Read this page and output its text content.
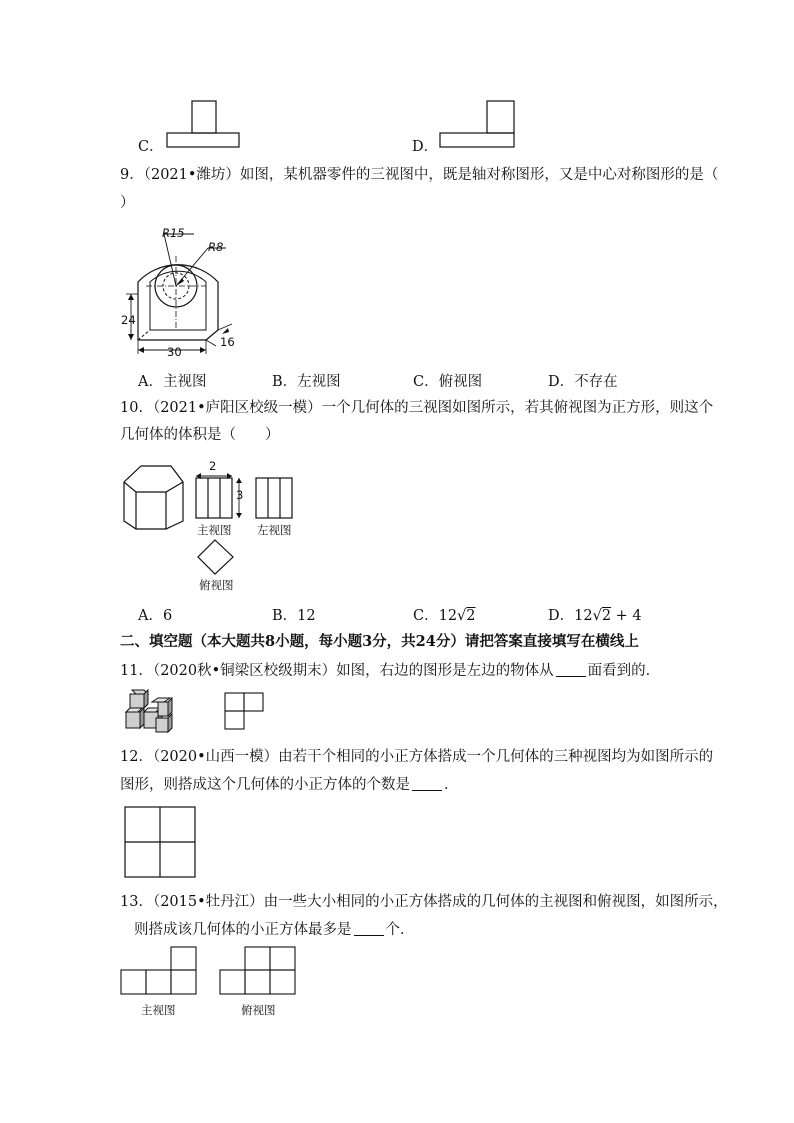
C．	D．
9．（2021•潍坊）如图，某机器零件的三视图中，既是轴对称图形，又是中心对称图形的是（
）
R15
R8
24
30
16
A．主视图	B．左视图	C．俯视图	D．不存在
10．（2021•庐阳区校级一模）一个几何体的三视图如图所示，若其俯视图为正方形，则这个
几何体的体积是（　　）
2
3
主视图 左视图
俯视图
A．6	B．12	C．12√2	D．12√2 + 4
二、填空题（本大题共8小题，每小题3分，共24分）请把答案直接填写在横线上
11．（2020秋•铜梁区校级期末）如图，右边的图形是左边的物体从 面看到的．
12．（2020•山西一模）由若干个相同的小正方体搭成一个几何体的三种视图均为如图所示的
图形，则搭成这个几何体的小正方体的个数是 ．
13．（2015•牡丹江）由一些大小相同的小正方体搭成的几何体的主视图和俯视图，如图所示，
则搭成该几何体的小正方体最多是 个．
主视图	俯视图
